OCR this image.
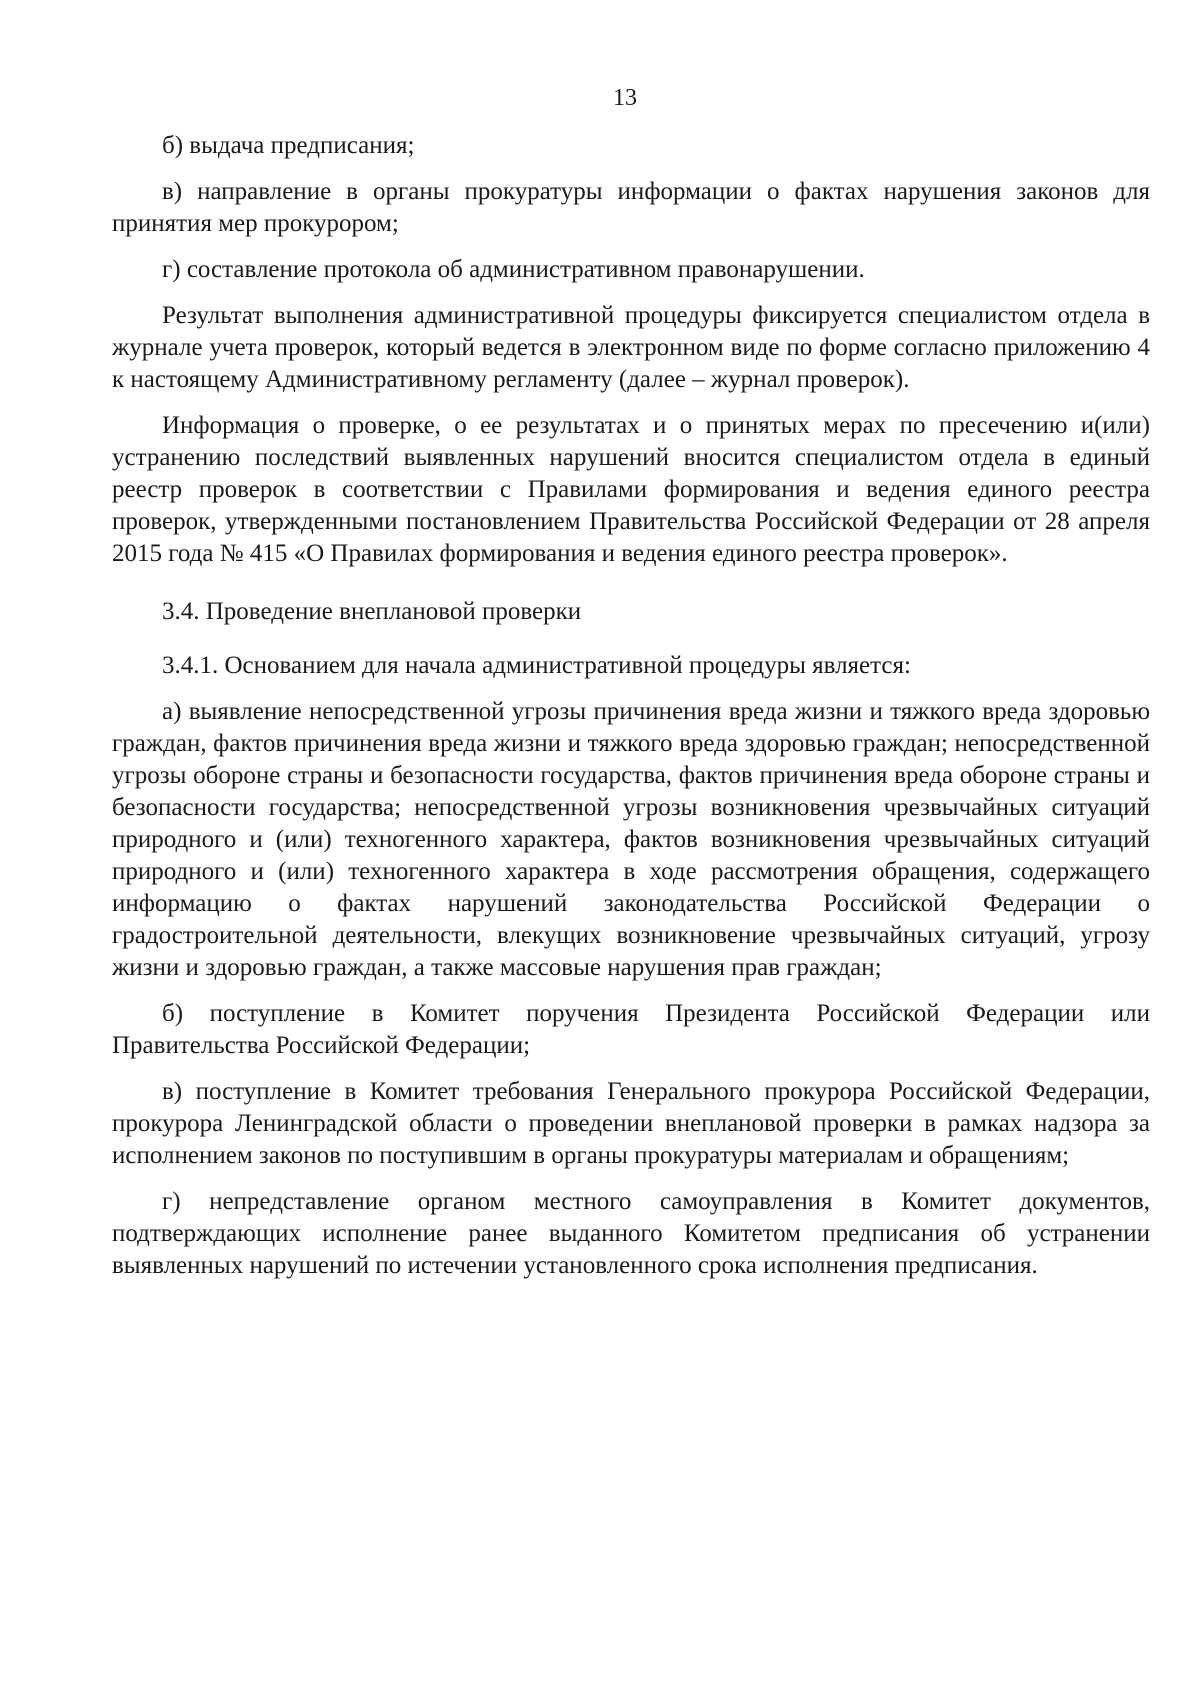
13

б) выдача предписания;

в) направление в органы прокуратуры информации о фактах нарушения законов для принятия мер прокурором;

г) составление протокола об административном правонарушении.

Результат выполнения административной процедуры фиксируется специалистом отдела в журнале учета проверок, который ведется в электронном виде по форме согласно приложению 4 к настоящему Административному регламенту (далее – журнал проверок).

Информация о проверке, о ее результатах и о принятых мерах по пресечению и(или) устранению последствий выявленных нарушений вносится специалистом отдела в единый реестр проверок в соответствии с Правилами формирования и ведения единого реестра проверок, утвержденными постановлением Правительства Российской Федерации от 28 апреля 2015 года № 415 «О Правилах формирования и ведения единого реестра проверок».

3.4. Проведение внеплановой проверки

3.4.1. Основанием для начала административной процедуры является:

а) выявление непосредственной угрозы причинения вреда жизни и тяжкого вреда здоровью граждан, фактов причинения вреда жизни и тяжкого вреда здоровью граждан; непосредственной угрозы обороне страны и безопасности государства, фактов причинения вреда обороне страны и безопасности государства; непосредственной угрозы возникновения чрезвычайных ситуаций природного и (или) техногенного характера, фактов возникновения чрезвычайных ситуаций природного и (или) техногенного характера в ходе рассмотрения обращения, содержащего информацию о фактах нарушений законодательства Российской Федерации о градостроительной деятельности, влекущих возникновение чрезвычайных ситуаций, угрозу жизни и здоровью граждан, а также массовые нарушения прав граждан;

б) поступление в Комитет поручения Президента Российской Федерации или Правительства Российской Федерации;

в) поступление в Комитет требования Генерального прокурора Российской Федерации, прокурора Ленинградской области о проведении внеплановой проверки в рамках надзора за исполнением законов по поступившим в органы прокуратуры материалам и обращениям;

г) непредставление органом местного самоуправления в Комитет документов, подтверждающих исполнение ранее выданного Комитетом предписания об устранении выявленных нарушений по истечении установленного срока исполнения предписания.
